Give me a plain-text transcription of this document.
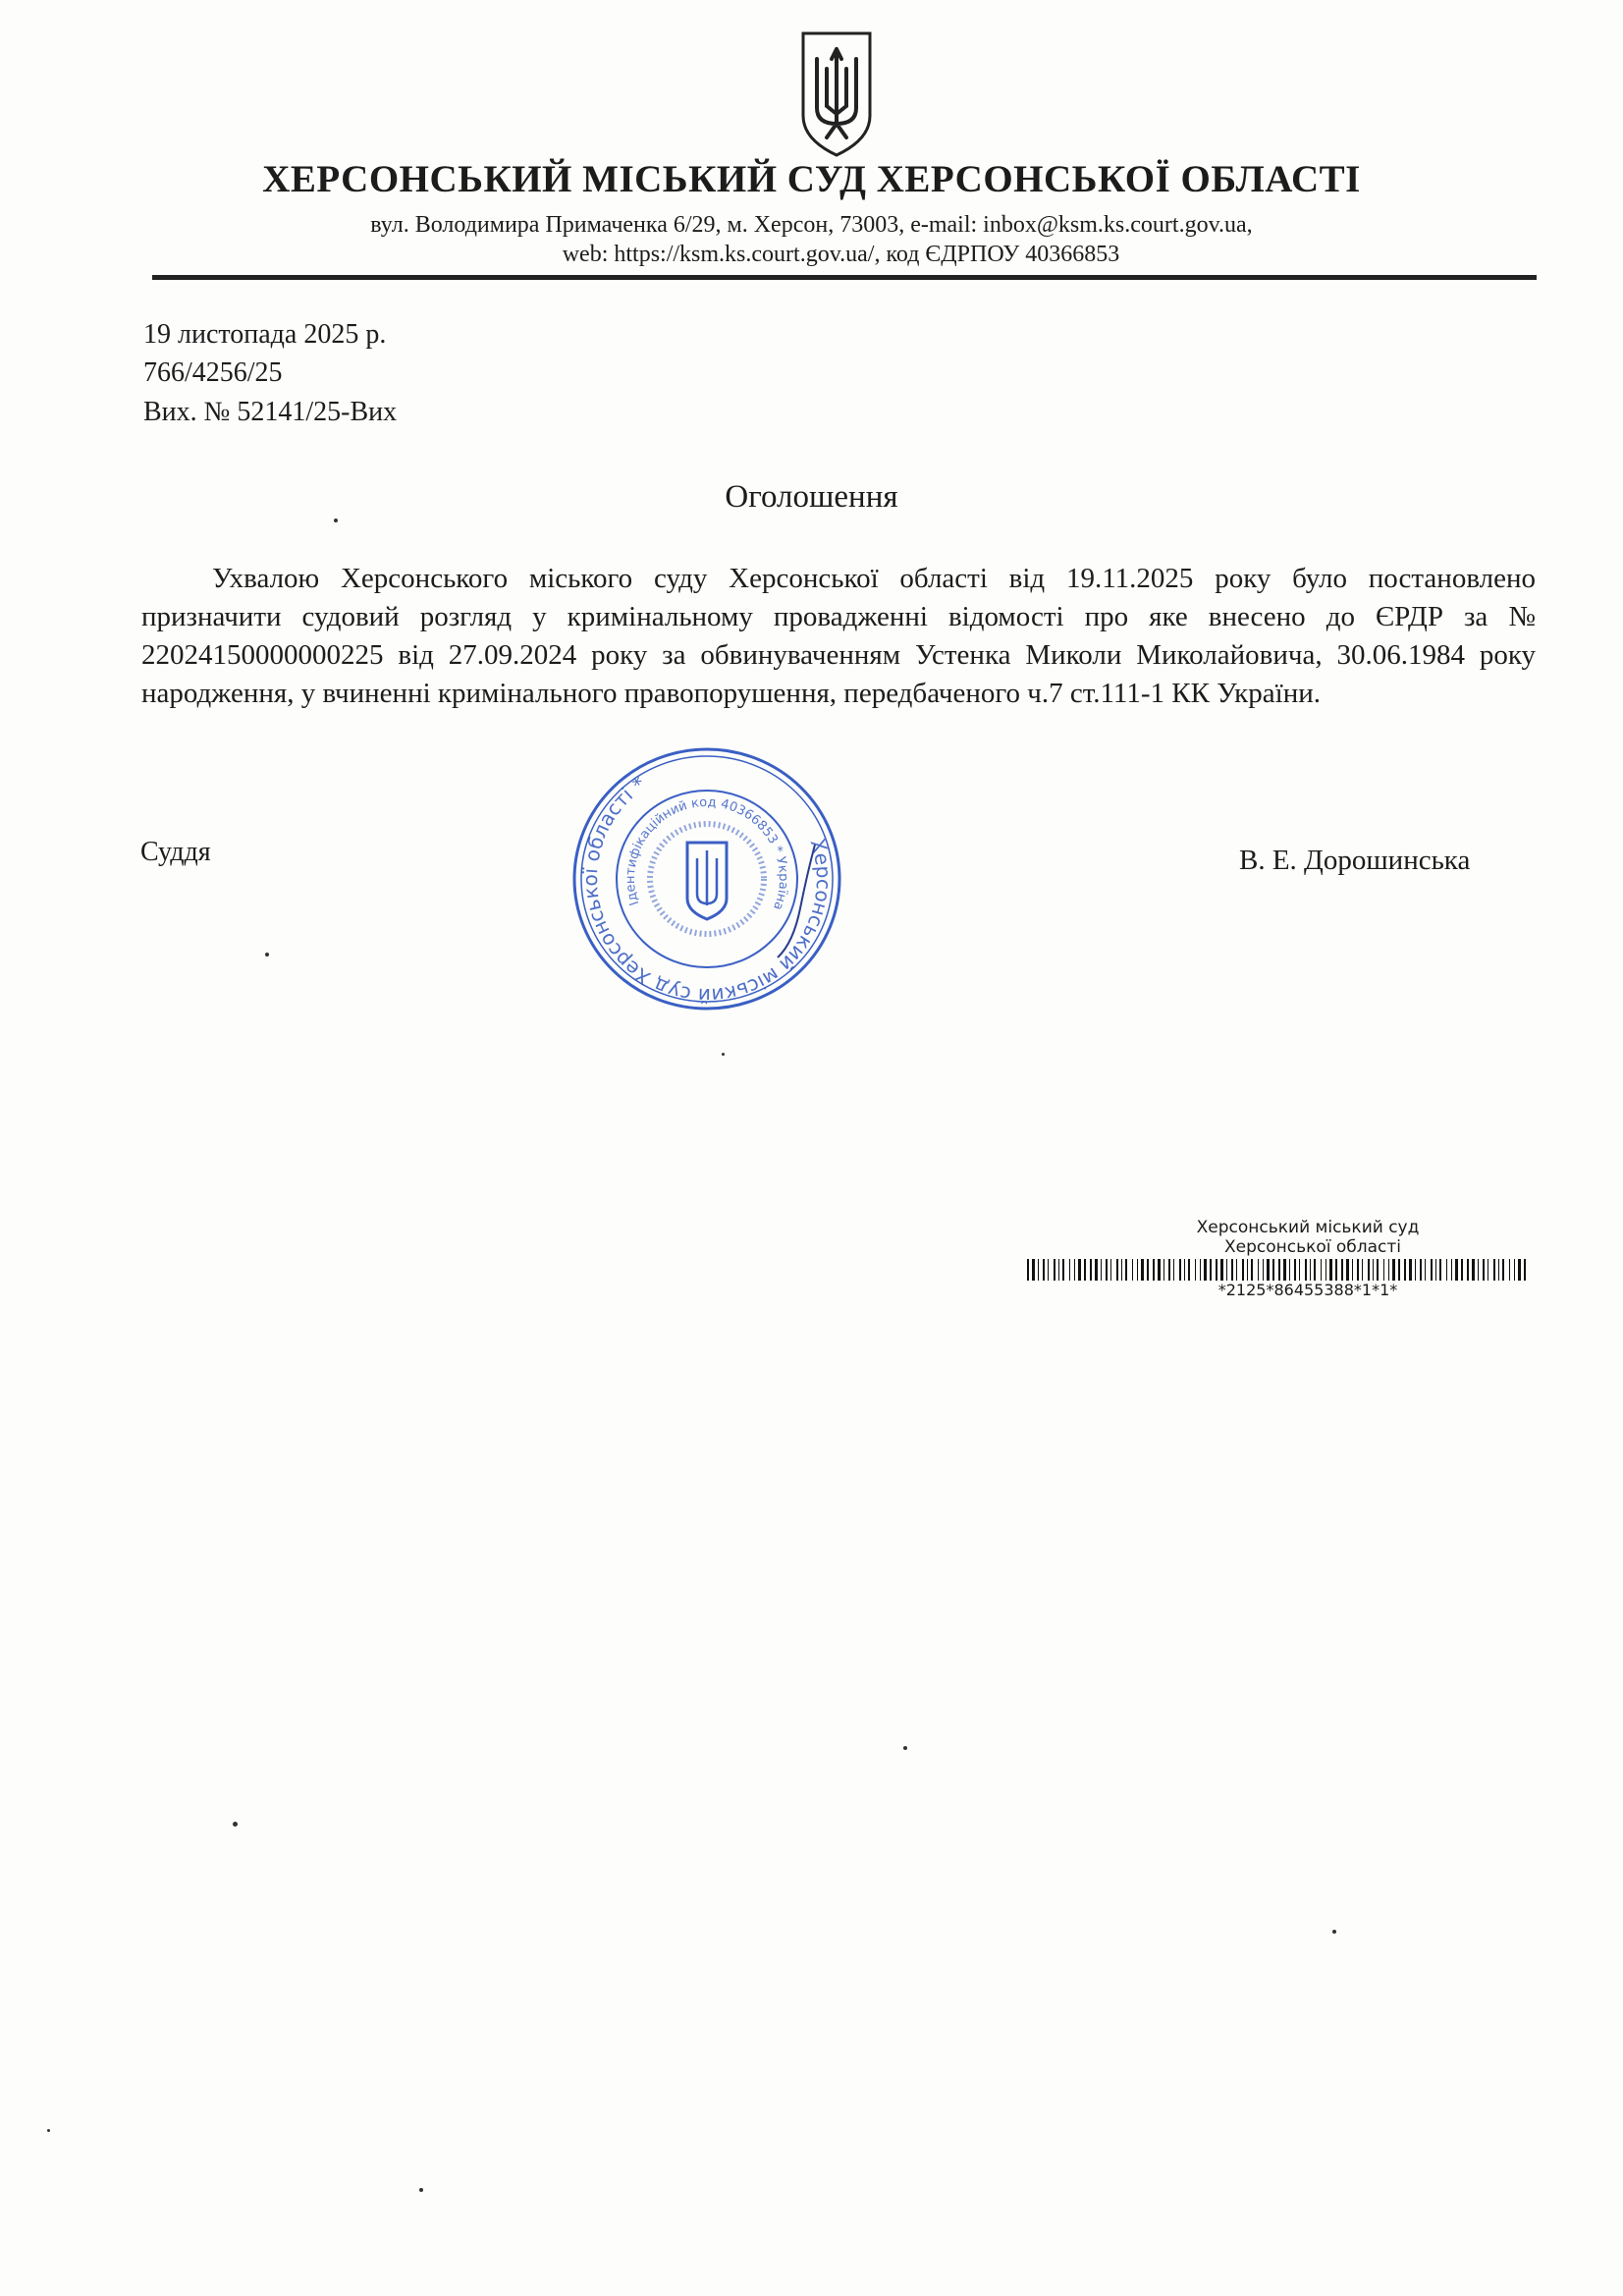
ХЕРСОНСЬКИЙ МІСЬКИЙ СУД ХЕРСОНСЬКОЇ ОБЛАСТІ
вул. Володимира Примаченка 6/29, м. Херсон, 73003, e-mail: inbox@ksm.ks.court.gov.ua,
web: https://ksm.ks.court.gov.ua/, код ЄДРПОУ 40366853
19 листопада 2025 р.
766/4256/25
Вих. № 52141/25-Вих
Оголошення

Ухвалою Херсонського міського суду Херсонської області від 19.11.2025 року було постановлено призначити судовий розгляд у кримінальному провадженні відомості про яке внесено до ЄРДР за № 22024150000000225 від 27.09.2024 року за обвинуваченням Устенка Миколи Миколайовича, 30.06.1984 року народження, у вчиненні кримінального правопорушення, передбаченого ч.7 ст.111-1 КК України.

Суддя	В. Е. Дорошинська
Херсонський міський суд Херсонської області *
Ідентифікаційний код 40366853 * Україна
Херсонський міський суд
Херсонської області
*2125*86455388*1*1*
